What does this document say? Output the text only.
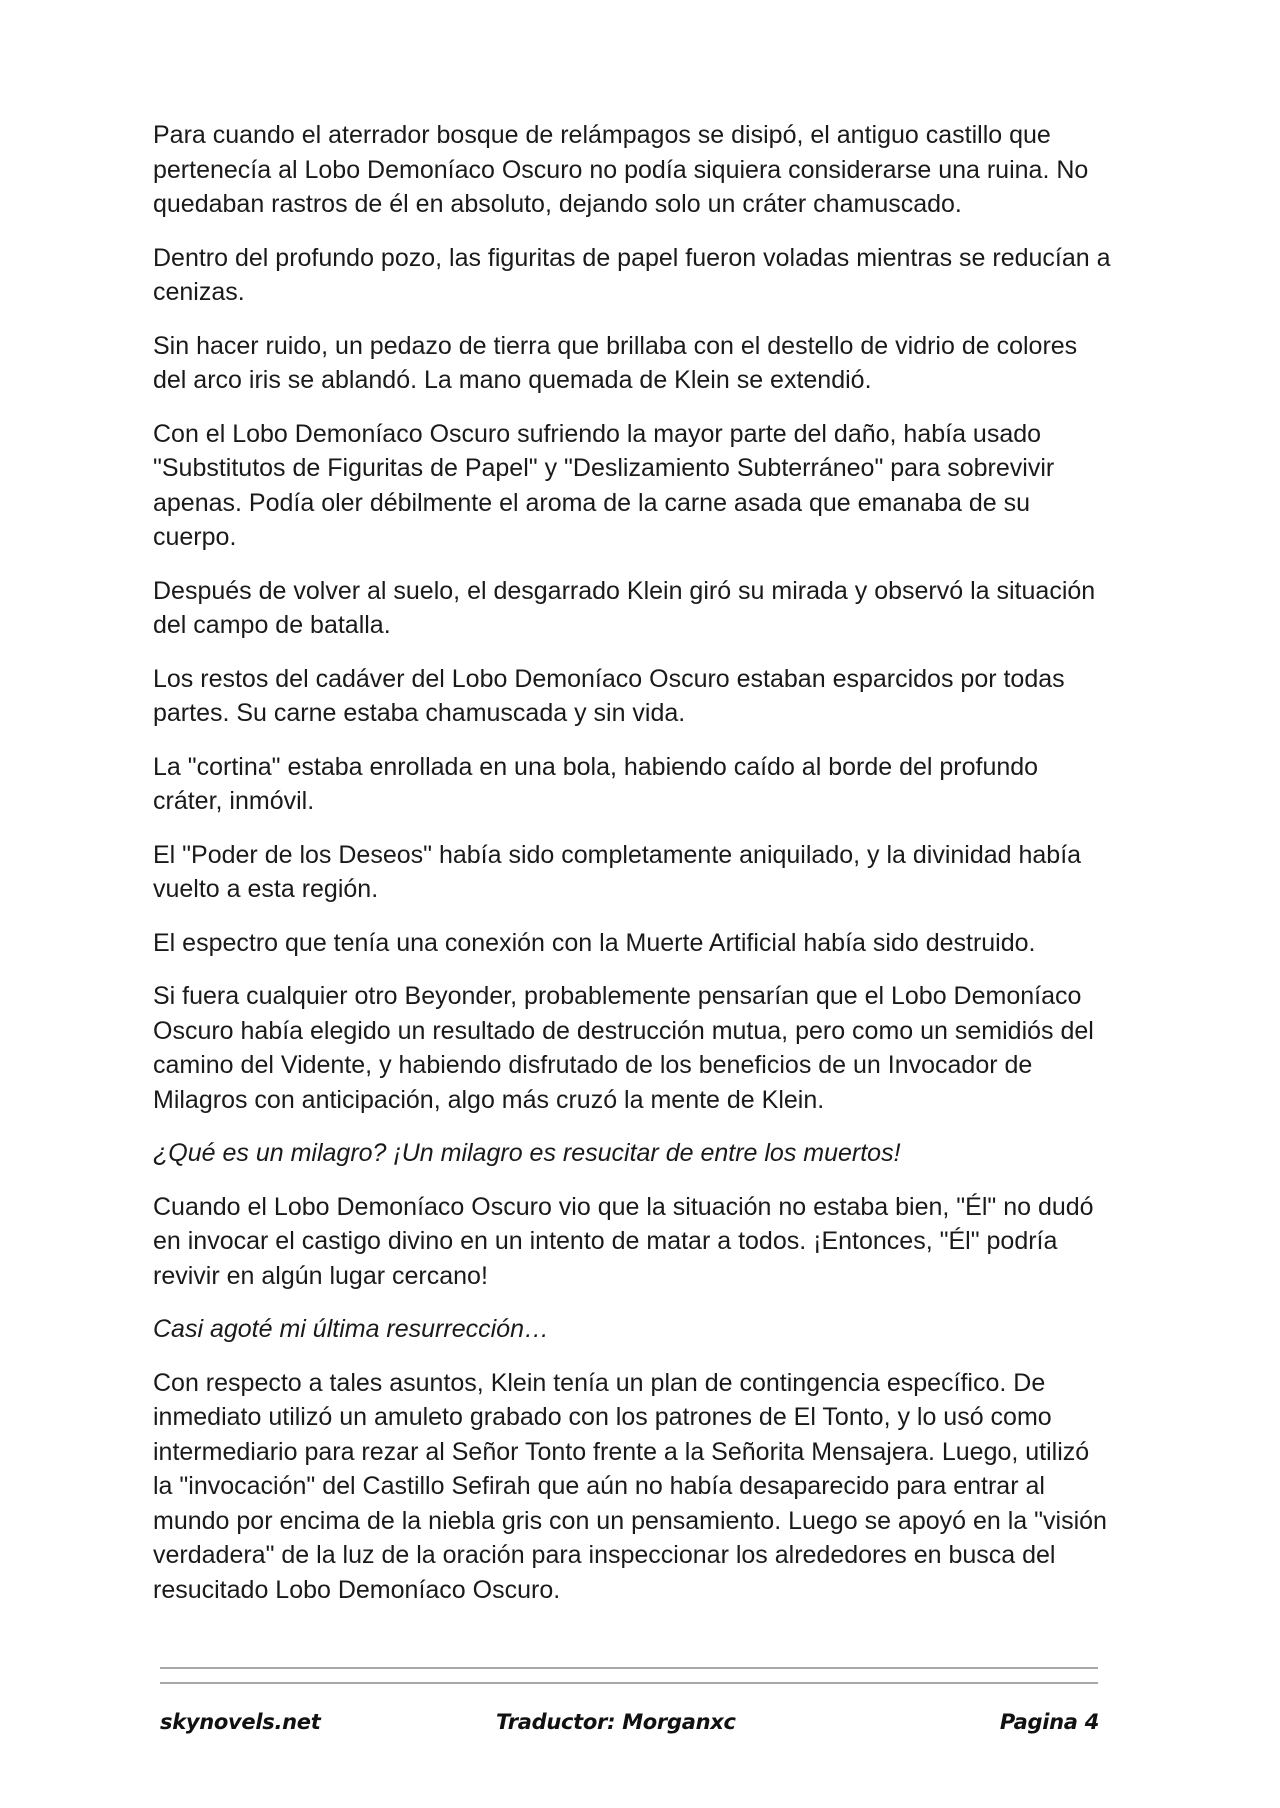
Para cuando el aterrador bosque de relámpagos se disipó, el antiguo castillo que pertenecía al Lobo Demoníaco Oscuro no podía siquiera considerarse una ruina. No quedaban rastros de él en absoluto, dejando solo un cráter chamuscado.

Dentro del profundo pozo, las figuritas de papel fueron voladas mientras se reducían a cenizas.

Sin hacer ruido, un pedazo de tierra que brillaba con el destello de vidrio de colores del arco iris se ablandó. La mano quemada de Klein se extendió.

Con el Lobo Demoníaco Oscuro sufriendo la mayor parte del daño, había usado "Substitutos de Figuritas de Papel" y "Deslizamiento Subterráneo" para sobrevivir apenas. Podía oler débilmente el aroma de la carne asada que emanaba de su cuerpo.

Después de volver al suelo, el desgarrado Klein giró su mirada y observó la situación del campo de batalla.

Los restos del cadáver del Lobo Demoníaco Oscuro estaban esparcidos por todas partes. Su carne estaba chamuscada y sin vida.

La "cortina" estaba enrollada en una bola, habiendo caído al borde del profundo cráter, inmóvil.

El "Poder de los Deseos" había sido completamente aniquilado, y la divinidad había vuelto a esta región.

El espectro que tenía una conexión con la Muerte Artificial había sido destruido.

Si fuera cualquier otro Beyonder, probablemente pensarían que el Lobo Demoníaco Oscuro había elegido un resultado de destrucción mutua, pero como un semidiós del camino del Vidente, y habiendo disfrutado de los beneficios de un Invocador de Milagros con anticipación, algo más cruzó la mente de Klein.

¿Qué es un milagro? ¡Un milagro es resucitar de entre los muertos!

Cuando el Lobo Demoníaco Oscuro vio que la situación no estaba bien, "Él" no dudó en invocar el castigo divino en un intento de matar a todos. ¡Entonces, "Él" podría revivir en algún lugar cercano!

Casi agoté mi última resurrección…

Con respecto a tales asuntos, Klein tenía un plan de contingencia específico. De inmediato utilizó un amuleto grabado con los patrones de El Tonto, y lo usó como intermediario para rezar al Señor Tonto frente a la Señorita Mensajera. Luego, utilizó la "invocación" del Castillo Sefirah que aún no había desaparecido para entrar al mundo por encima de la niebla gris con un pensamiento. Luego se apoyó en la "visión verdadera" de la luz de la oración para inspeccionar los alrededores en busca del resucitado Lobo Demoníaco Oscuro.

skynovels.net	Traductor: Morganxc	Pagina 4
